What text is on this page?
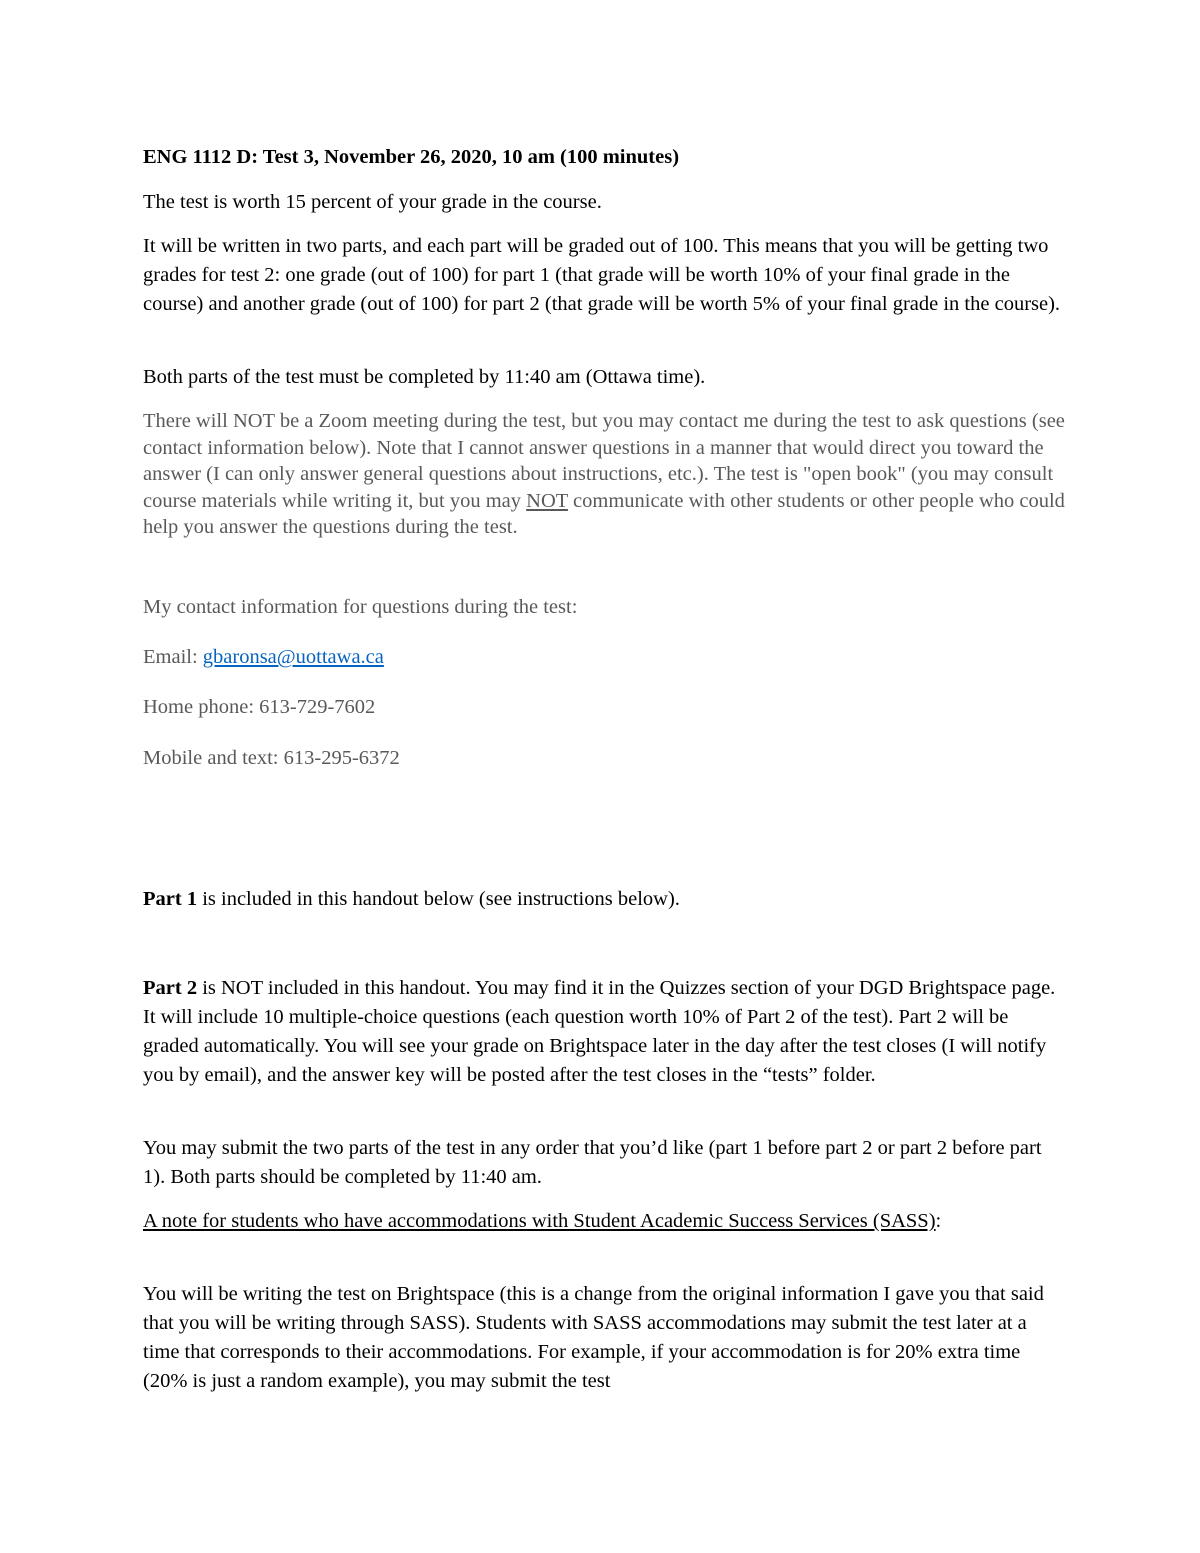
ENG 1112 D: Test 3, November 26, 2020, 10 am (100 minutes)

The test is worth 15 percent of your grade in the course.

It will be written in two parts, and each part will be graded out of 100. This means that you will be getting two grades for test 2: one grade (out of 100) for part 1 (that grade will be worth 10% of your final grade in the course) and another grade (out of 100) for part 2 (that grade will be worth 5% of your final grade in the course).

Both parts of the test must be completed by 11:40 am (Ottawa time).

There will NOT be a Zoom meeting during the test, but you may contact me during the test to ask questions (see contact information below). Note that I cannot answer questions in a manner that would direct you toward the answer (I can only answer general questions about instructions, etc.). The test is "open book" (you may consult course materials while writing it, but you may NOT communicate with other students or other people who could help you answer the questions during the test.

My contact information for questions during the test:

Email: gbaronsa@uottawa.ca

Home phone: 613-729-7602

Mobile and text: 613-295-6372

Part 1 is included in this handout below (see instructions below).

Part 2 is NOT included in this handout. You may find it in the Quizzes section of your DGD Brightspace page. It will include 10 multiple-choice questions (each question worth 10% of Part 2 of the test). Part 2 will be graded automatically. You will see your grade on Brightspace later in the day after the test closes (I will notify you by email), and the answer key will be posted after the test closes in the “tests” folder.

You may submit the two parts of the test in any order that you’d like (part 1 before part 2 or part 2 before part 1). Both parts should be completed by 11:40 am.

A note for students who have accommodations with Student Academic Success Services (SASS):

You will be writing the test on Brightspace (this is a change from the original information I gave you that said that you will be writing through SASS). Students with SASS accommodations may submit the test later at a time that corresponds to their accommodations. For example, if your accommodation is for 20% extra time (20% is just a random example), you may submit the test
